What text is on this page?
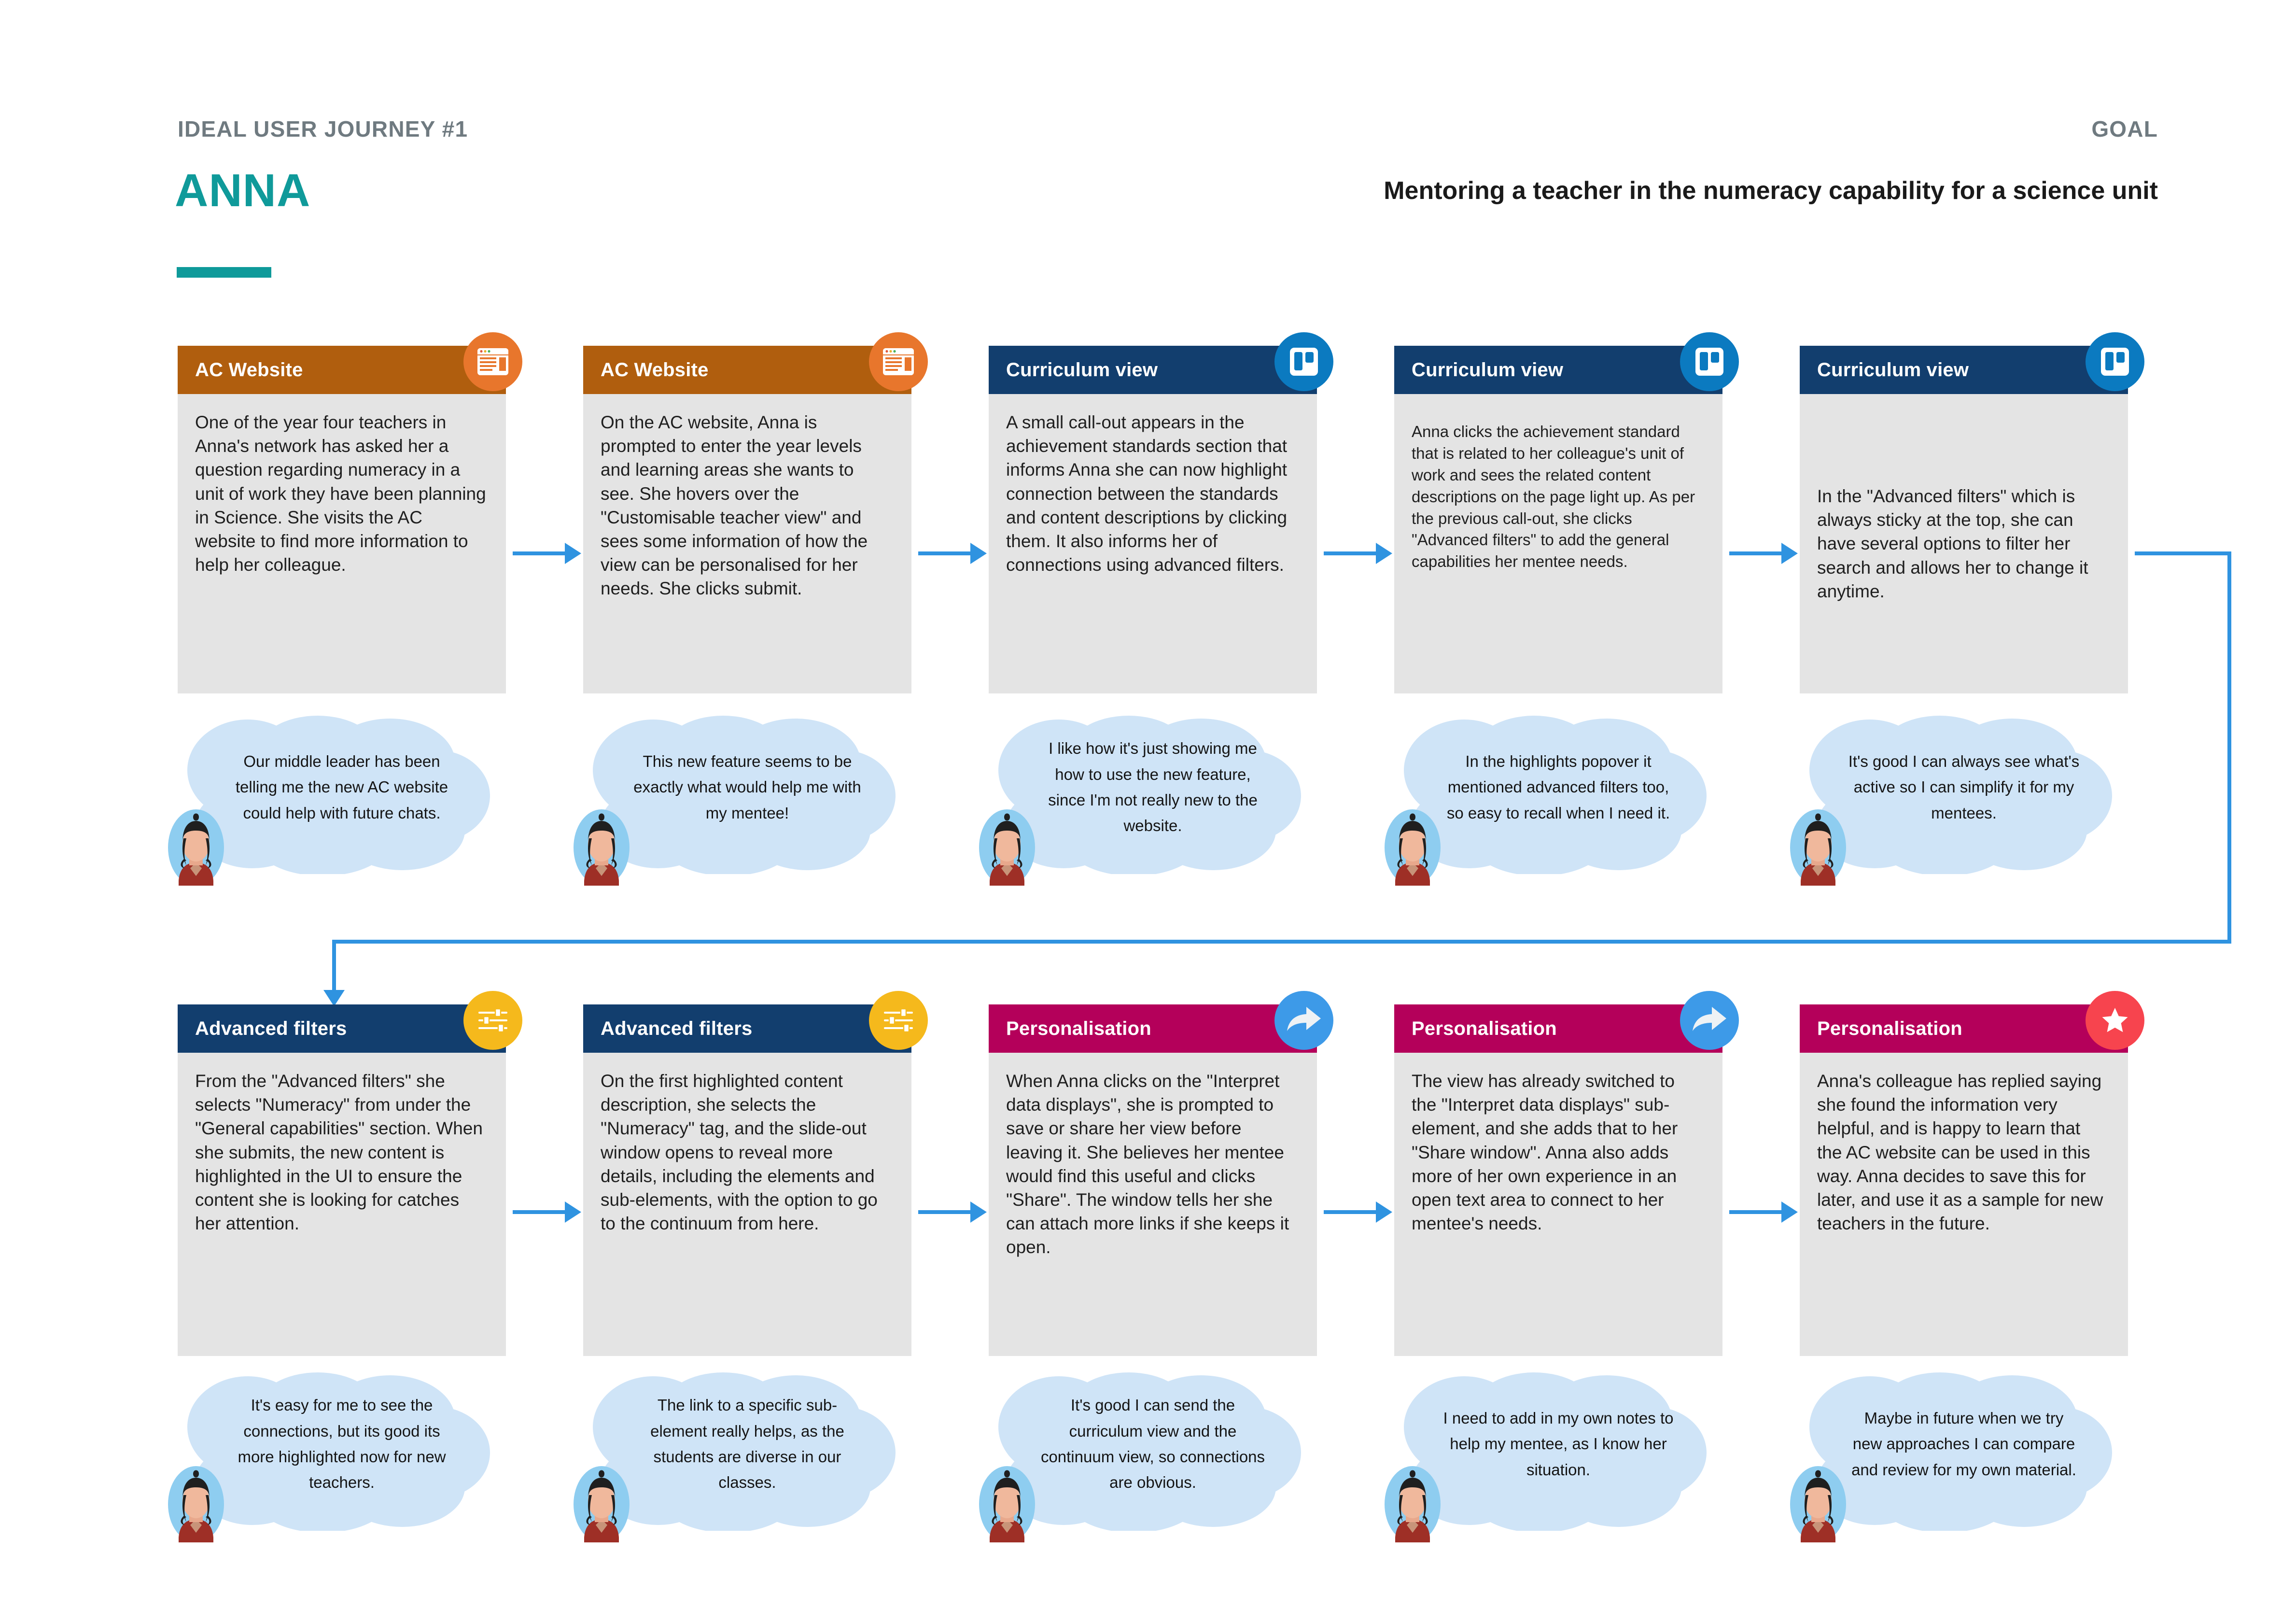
IDEAL USER JOURNEY #1	GOAL
ANNA	Mentoring a teacher in the numeracy capability for a science unit
AC Website
One of the year four teachers in Anna's network has asked her a question regarding numeracy in a unit of work they have been planning in Science. She visits the AC website to find more information to help her colleague.
Our middle leader has been telling me the new AC website could help with future chats.
AC Website
On the AC website, Anna is prompted to enter the year levels and learning areas she wants to see. She hovers over the "Customisable teacher view" and sees some information of how the view can be personalised for her needs. She clicks submit.
This new feature seems to be exactly what would help me with my mentee!
Curriculum view
A small call-out appears in the achievement standards section that informs Anna she can now highlight connection between the standards and content descriptions by clicking them. It also informs her of connections using advanced filters.
I like how it's just showing me how to use the new feature, since I'm not really new to the website.
Curriculum view
Anna clicks the achievement standard that is related to her colleague's unit of work and sees the related content descriptions on the page light up. As per the previous call-out, she clicks "Advanced filters" to add the general capabilities her mentee needs.
In the highlights popover it mentioned advanced filters too, so easy to recall when I need it.
Curriculum view
In the "Advanced filters" which is always sticky at the top, she can have several options to filter her search and allows her to change it anytime.
It's good I can always see what's active so I can simplify it for my mentees.
Advanced filters
From the "Advanced filters" she selects "Numeracy" from under the "General capabilities" section. When she submits, the new content is highlighted in the UI to ensure the content she is looking for catches her attention.
It's easy for me to see the connections, but its good its more highlighted now for new teachers.
Advanced filters
On the first highlighted content description, she selects the "Numeracy" tag, and the slide-out window opens to reveal more details, including the elements and sub-elements, with the option to go to the continuum from here.
The link to a specific sub-element really helps, as the students are diverse in our classes.
Personalisation
When Anna clicks on the "Interpret data displays", she is prompted to save or share her view before leaving it. She believes her mentee would find this useful and clicks "Share". The window tells her she can attach more links if she keeps it open.
It's good I can send the curriculum view and the continuum view, so connections are obvious.
Personalisation
The view has already switched to the "Interpret data displays" sub-element, and she adds that to her "Share window". Anna also adds more of her own experience in an open text area to connect to her mentee's needs.
I need to add in my own notes to help my mentee, as I know her situation.
Personalisation
Anna's colleague has replied saying she found the information very helpful, and is happy to learn that the AC website can be used in this way. Anna decides to save this for later, and use it as a sample for new teachers in the future.
Maybe in future when we try new approaches I can compare and review for my own material.
